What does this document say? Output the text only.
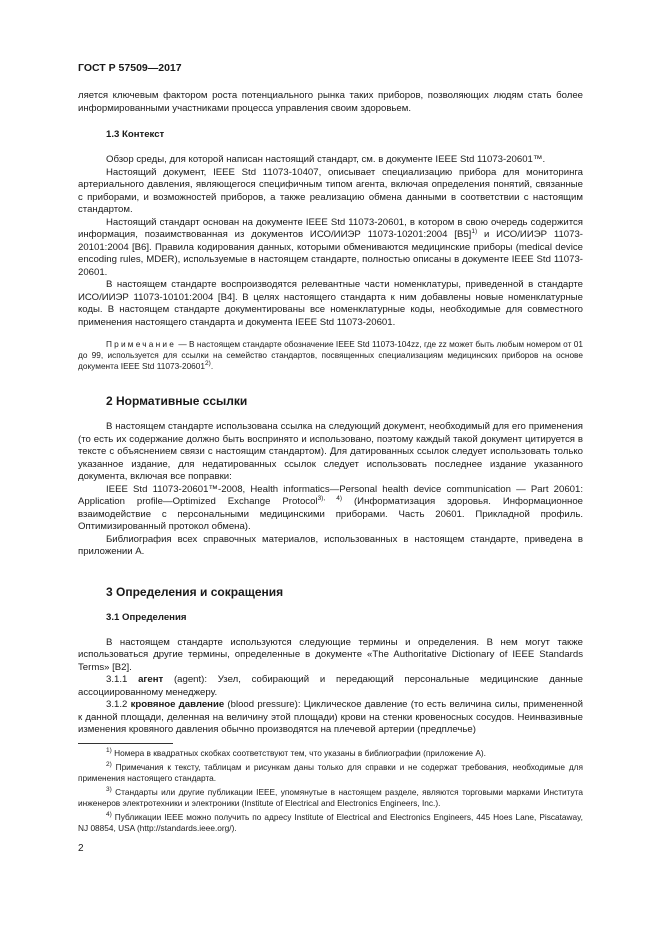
ГОСТ Р 57509—2017

ляется ключевым фактором роста потенциального рынка таких приборов, позволяющих людям стать более информированными участниками процесса управления своим здоровьем.

1.3 Контекст

Обзор среды, для которой написан настоящий стандарт, см. в документе IEEE Std 11073-20601™.

Настоящий документ, IEEE Std 11073-10407, описывает специализацию прибора для мониторинга артериального давления, являющегося специфичным типом агента, включая определения понятий, связанные с приборами, и возможностей приборов, а также реализацию обмена данными в соответствии с настоящим стандартом.

Настоящий стандарт основан на документе IEEE Std 11073-20601, в котором в свою очередь содержится информация, позаимствованная из документов ИСО/ИИЭР 11073-10201:2004 $[B5]^{1)}$ и ИСО/ИИЭР 11073-20101:2004 [B6]. Правила кодирования данных, которыми обмениваются медицинские приборы (medical device encoding rules, MDER), используемые в настоящем стандарте, полностью описаны в документе IEEE Std 11073-20601.

В настоящем стандарте воспроизводятся релевантные части номенклатуры, приведенной в стандарте ИСО/ИИЭР 11073-10101:2004 [B4]. В целях настоящего стандарта к ним добавлены новые номенклатурные коды. В настоящем стандарте документированы все номенклатурные коды, необходимые для совместного применения настоящего стандарта и документа IEEE Std 11073-20601.

Примечание — В настоящем стандарте обозначение IEEE Std 11073-104zz, где zz может быть любым номером от 01 до 99, используется для ссылки на семейство стандартов, посвященных специализациям медицинских приборов на основе документа IEEE Std 11073-20601$^{2)}$.
2 Нормативные ссылки

В настоящем стандарте использована ссылка на следующий документ, необходимый для его применения (то есть их содержание должно быть воспринято и использовано, поэтому каждый такой документ цитируется в тексте с объяснением связи с настоящим стандартом). Для датированных ссылок следует использовать только указанное издание, для недатированных ссылок следует использовать последнее издание указанного документа, включая все поправки:

IEEE Std 11073-20601™-2008, Health informatics—Personal health device communication — Part 20601: Application profile—Optimized Exchange Protocol$^{3), 4)}$ (Информатизация здоровья. Информационное взаимодействие с персональными медицинскими приборами. Часть 20601. Прикладной профиль. Оптимизированный протокол обмена).

Библиография всех справочных материалов, использованных в настоящем стандарте, приведена в приложении А.

3 Определения и сокращения
3.1 Определения

В настоящем стандарте используются следующие термины и определения. В нем могут также использоваться другие термины, определенные в документе «The Authoritative Dictionary of IEEE Standards Terms» [B2].

3.1.1 агент (agent): Узел, собирающий и передающий персональные медицинские данные ассоциированному менеджеру.

3.1.2 кровяное давление (blood pressure): Циклическое давление (то есть величина силы, примененной к данной площади, деленная на величину этой площади) крови на стенки кровеносных сосудов. Неинвазивные изменения кровяного давления обычно производятся на плечевой артерии (предплечье)

$^{1)}$ Номера в квадратных скобках соответствуют тем, что указаны в библиографии (приложение А).
$^{2)}$ Примечания к тексту, таблицам и рисункам даны только для справки и не содержат требования, необходимые для применения настоящего стандарта.
$^{3)}$ Стандарты или другие публикации IEEE, упомянутые в настоящем разделе, являются торговыми марками Института инженеров электротехники и электроники (Institute of Electrical and Electronics Engineers, Inc.).
$^{4)}$ Публикации IEEE можно получить по адресу Institute of Electrical and Electronics Engineers, 445 Hoes Lane, Piscataway, NJ 08854, USA (http://standards.ieee.org/).
2
